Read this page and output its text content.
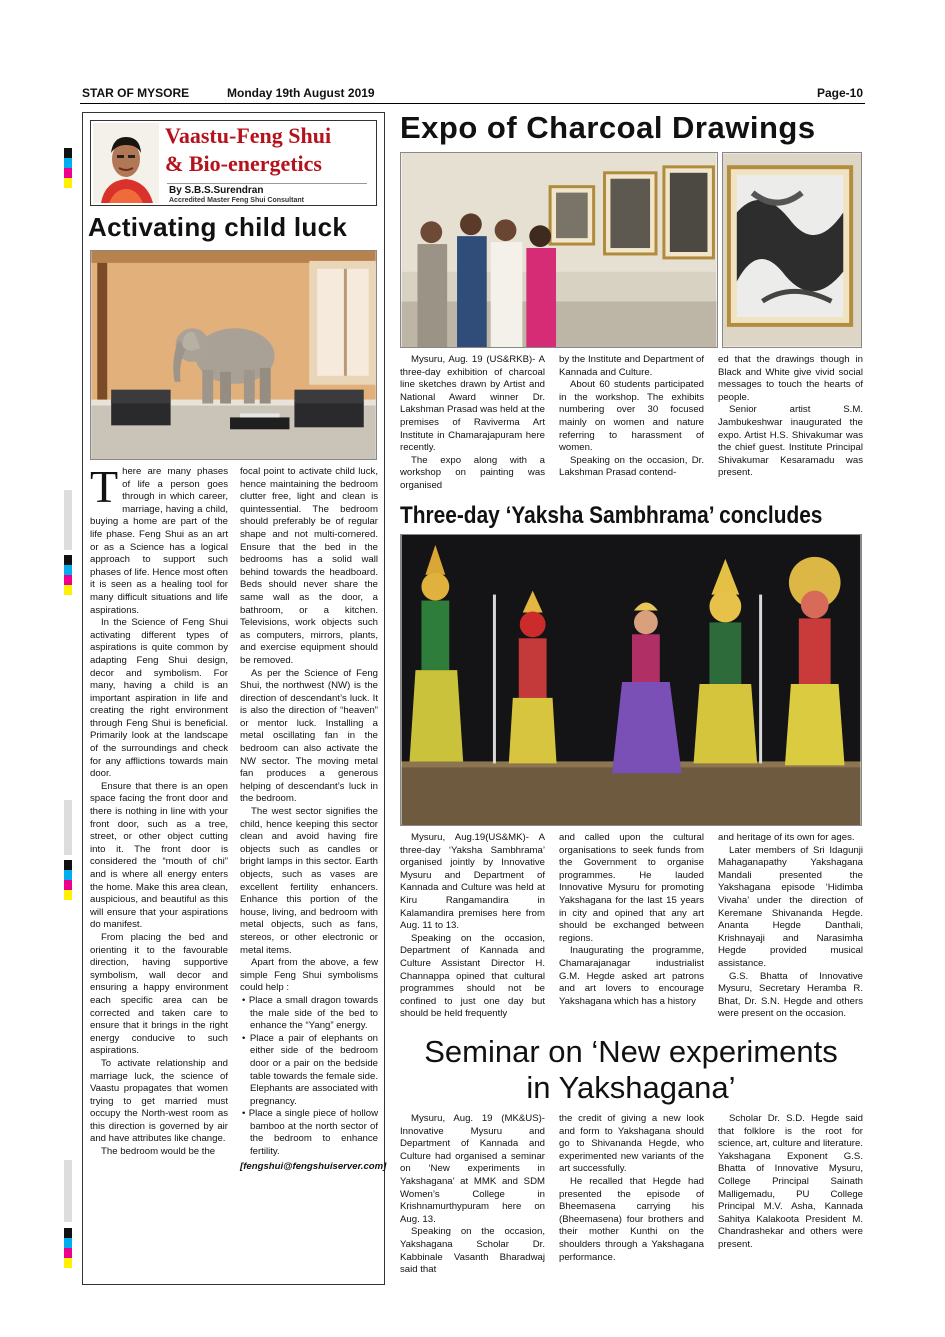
STAR OF MYSORE	Monday 19th August 2019	Page-10
Vaastu-Feng Shui
& Bio-energetics
By S.B.S.Surendran
Accredited Master Feng Shui Consultant
Activating child luck

There are many phases of life a person goes through in which career, marriage, having a child, buying a home are part of the life phase. Feng Shui as an art or as a Science has a logical approach to support such phases of life. Hence most often it is seen as a healing tool for many difficult situations and life aspirations.

In the Science of Feng Shui activating different types of aspirations is quite common by adapting Feng Shui design, decor and symbolism. For many, having a child is an important aspiration in life and creating the right environment through Feng Shui is beneficial. Primarily look at the landscape of the surroundings and check for any afflictions towards main door.

Ensure that there is an open space facing the front door and there is nothing in line with your front door, such as a tree, street, or other object cutting into it. The front door is considered the “mouth of chi” and is where all energy enters the home. Make this area clean, auspicious, and beautiful as this will ensure that your aspirations do manifest.

From placing the bed and orienting it to the favourable direction, having supportive symbolism, wall decor and ensuring a happy environment each specific area can be corrected and taken care to ensure that it brings in the right energy conducive to such aspirations.

To activate relationship and marriage luck, the science of Vaastu propagates that women trying to get married must occupy the North-west room as this direction is governed by air and have attributes like change.

The bedroom would be the

focal point to activate child luck, hence maintaining the bedroom clutter free, light and clean is quintessential. The bedroom should preferably be of regular shape and not multi-cornered. Ensure that the bed in the bedrooms has a solid wall behind towards the headboard. Beds should never share the same wall as the door, a bathroom, or a kitchen. Televisions, work objects such as computers, mirrors, plants, and exercise equipment should be removed.

As per the Science of Feng Shui, the northwest (NW) is the direction of descendant’s luck. It is also the direction of “heaven” or mentor luck. Installing a metal oscillating fan in the bedroom can also activate the NW sector. The moving metal fan produces a generous helping of descendant’s luck in the bedroom.

The west sector signifies the child, hence keeping this sector clean and avoid having fire objects such as candles or bright lamps in this sector. Earth objects, such as vases are excellent fertility enhancers. Enhance this portion of the house, living, and bedroom with metal objects, such as fans, stereos, or other electronic or metal items.

Apart from the above, a few simple Feng Shui symbolisms could help :

• Place a small dragon towards the male side of the bed to enhance the “Yang” energy.

• Place a pair of elephants on either side of the bedroom door or a pair on the bedside table towards the female side. Elephants are associated with pregnancy.

• Place a single piece of hollow bamboo at the north sector of the bedroom to enhance fertility.

[fengshui@fengshuiserver.com]

Expo of Charcoal Drawings

Mysuru, Aug. 19 (US&RKB)- A three-day exhibition of charcoal line sketches drawn by Artist and National Award winner Dr. Lakshman Prasad was held at the premises of Raviverma Art Institute in Chamarajapuram here recently.

The expo along with a workshop on painting was organised

by the Institute and Department of Kannada and Culture.

About 60 students participated in the workshop. The exhibits numbering over 30 focused mainly on women and nature referring to harassment of women.

Speaking on the occasion, Dr. Lakshman Prasad contend-

ed that the drawings though in Black and White give vivid social messages to touch the hearts of people.

Senior artist S.M. Jambukeshwar inaugurated the expo. Artist H.S. Shivakumar was the chief guest. Institute Principal Shivakumar Kesaramadu was present.

Three-day ‘Yaksha Sambhrama’ concludes

Mysuru, Aug.19(US&MK)- A three-day ‘Yaksha Sambhrama’ organised jointly by Innovative Mysuru and Department of Kannada and Culture was held at Kiru Rangamandira in Kalamandira premises here from Aug. 11 to 13.

Speaking on the occasion, Department of Kannada and Culture Assistant Director H. Channappa opined that cultural programmes should not be confined to just one day but should be held frequently

and called upon the cultural organisations to seek funds from the Government to organise programmes. He lauded Innovative Mysuru for promoting Yakshagana for the last 15 years in city and opined that any art should be exchanged between regions.

Inaugurating the programme, Chamarajanagar industrialist G.M. Hegde asked art patrons and art lovers to encourage Yakshagana which has a history

and heritage of its own for ages.

Later members of Sri Idagunji Mahaganapathy Yakshagana Mandali presented the Yakshagana episode ‘Hidimba Vivaha’ under the direction of Keremane Shivananda Hegde. Ananta Hegde Danthali, Krishnayaji and Narasimha Hegde provided musical assistance.

G.S. Bhatta of Innovative Mysuru, Secretary Heramba R. Bhat, Dr. S.N. Hegde and others were present on the occasion.

Seminar on ‘New experiments
in Yakshagana’

Mysuru, Aug. 19 (MK&US)- Innovative Mysuru and Department of Kannada and Culture had organised a seminar on ‘New experiments in Yakshagana’ at MMK and SDM Women’s College in Krishnamurthypuram here on Aug. 13.

Speaking on the occasion, Yakshagana Scholar Dr. Kabbinale Vasanth Bharadwaj said that

the credit of giving a new look and form to Yakshagana should go to Shivananda Hegde, who experimented new variants of the art successfully.

He recalled that Hegde had presented the episode of Bheemasena carrying his (Bheemasena) four brothers and their mother Kunthi on the shoulders through a Yakshagana performance.

Scholar Dr. S.D. Hegde said that folklore is the root for science, art, culture and literature. Yakshagana Exponent G.S. Bhatta of Innovative Mysuru, College Principal Sainath Malligemadu, PU College Principal M.V. Asha, Kannada Sahitya Kalakoota President M. Chandrashekar and others were present.
